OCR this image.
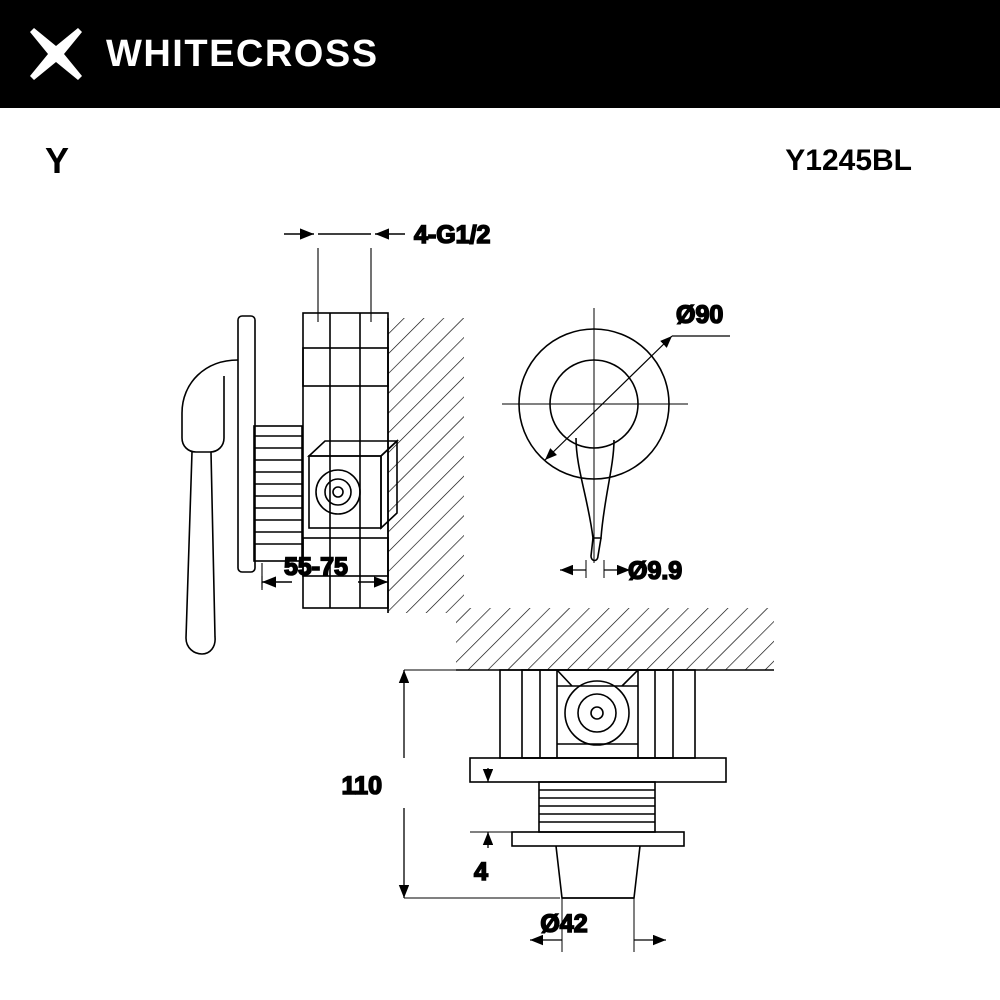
WHITECROSS
Y	Y1245BL
4-G1/2
55-75
Ø90
Ø9.9
110
4
Ø42
